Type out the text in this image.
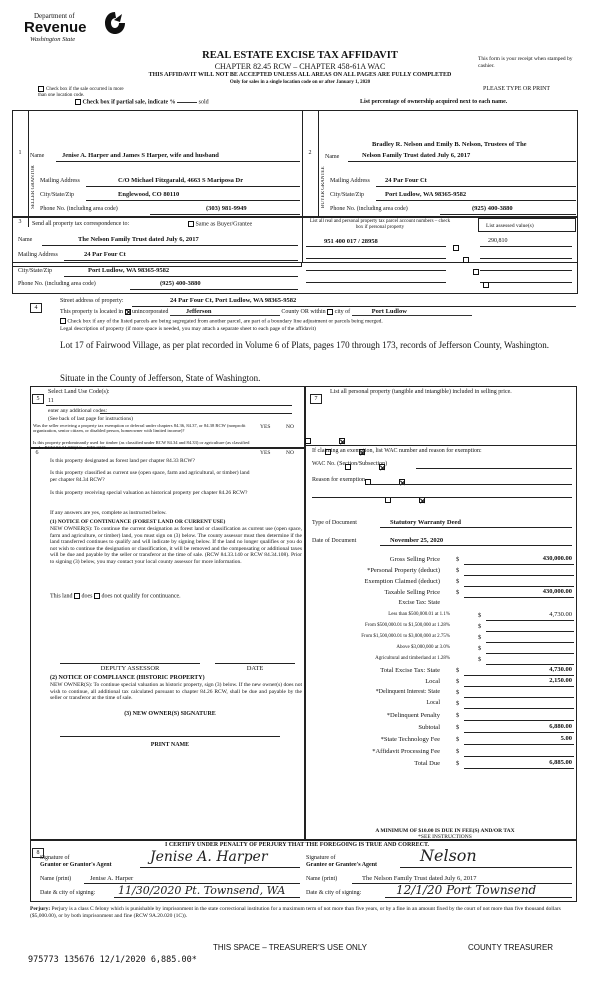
Department of
Revenue
Washington State
REAL ESTATE EXCISE TAX AFFIDAVIT
CHAPTER 82.45 RCW – CHAPTER 458-61A WAC
THIS AFFIDAVIT WILL NOT BE ACCEPTED UNLESS ALL AREAS ON ALL PAGES ARE FULLY COMPLETED
Only for sales in a single location code on or after January 1, 2020
This form is your receipt when stamped by cashier.
PLEASE TYPE OR PRINT
Check box if the sale occurred in more than one location code.
Check box if partial sale, indicate %	sold	List percentage of ownership acquired next to each name.
1	2
SELLER GRANTOR	BUYER GRANTEE
Name	Jenise A. Harper and James S Harper, wife and husband
Mailing Address	C/O Michael Fitzgarald, 4663 S Mariposa Dr
City/State/Zip	Englewood, CO 80110
Phone No. (including area code)	(303) 981-9949
Bradley R. Nelson and Emily B. Nelson, Trustees of The
Name	Nelson Family Trust dated July 6, 2017
Mailing Address 24 Par Four Ct
City/State/Zip	Port Ludlow, WA 98365-9582
Phone No. (including area code)	(925) 400-3880
3	Send all property tax correspondence to:	Same as Buyer/Grantee
Name	The Nelson Family Trust dated July 6, 2017
Mailing Address	24 Par Four Ct
List all real and personal property tax parcel account numbers – check box if personal property	List assessed value(s)
951 400 017 / 28958	290,810

City/State/Zip	Port Ludlow, WA 98365-9582

Phone No. (including area code)	(925) 400-3880

4
Street address of property:	24 Par Four Ct, Port Ludlow, WA 98365-9582
This property is located in unincorporated	Jefferson	County OR within city of	Port Ludlow
Check box if any of the listed parcels are being segregated from another parcel, are part of a boundary line adjustment or parcels being merged.
Legal description of property (if more space is needed, you may attach a separate sheet to each page of the affidavit)
Lot 17 of Fairwood Village, as per plat recorded in Volume 6 of Plats, pages 170 through 173, records of Jefferson County, Washington.
Situate in the County of Jefferson, State of Washington.
5
Select Land Use Code(s):
11
enter any additional codes:
(See back of last page for instructions)
YES	NO
Was the seller receiving a property tax exemption or deferral under chapters 84.36, 84.37, or 84.38 RCW (nonprofit organization, senior citizen, or disabled person, homeowner with limited income)?

Is this property predominantly used for timber (as classified under RCW 84.34 and 84.33) or agriculture (as classified under RCW 84.34.020)? See ETA 3215

6	YES	NO
Is this property designated as forest land per chapter 84.33 RCW?

Is this property classified as current use (open space, farm and agricultural, or timber) land per chapter 84.34 RCW?

Is this property receiving special valuation as historical property per chapter 84.26 RCW?

If any answers are yes, complete as instructed below.
(1) NOTICE OF CONTINUANCE (FOREST LAND OR CURRENT USE)
NEW OWNER(S): To continue the current designation as forest land or classification as current use (open space, farm and agriculture, or timber) land, you must sign on (3) below. The county assessor must then determine if the land transferred continues to qualify and will indicate by signing below. If the land no longer qualifies or you do not wish to continue the designation or classification, it will be removed and the compensating or additional taxes will be due and payable by the seller or transferor at the time of sale. (RCW 84.33.140 or RCW 84.34.108). Prior to signing (3) below, you may contact your local county assessor for more information.
This land does does not qualify for continuance.
DEPUTY ASSESSOR	DATE
(2) NOTICE OF COMPLIANCE (HISTORIC PROPERTY)
NEW OWNER(S): To continue special valuation as historic property, sign (3) below. If the new owner(s) does not wish to continue, all additional tax calculated pursuant to chapter 84.26 RCW, shall be due and payable by the seller or transferor at the time of sale.
(3) NEW OWNER(S) SIGNATURE
PRINT NAME
7
List all personal property (tangible and intangible) included in selling price.
If claiming an exemption, list WAC number and reason for exemption:
WAC No. (Section/Subsection)
Reason for exemption
Type of Document	Statutory Warranty Deed
Date of Document	November 25, 2020
Gross Selling Price $	430,000.00
*Personal Property (deduct) $
Exemption Claimed (deduct) $
Taxable Selling Price $	430,000.00
Excise Tax: State
Less than $500,000.01 at 1.1%	$	4,730.00
From $500,000.01 to $1,500,000 at 1.28%	$
From $1,500,000.01 to $3,000,000 at 2.75%	$
Above $3,000,000 at 3.0%	$
Agricultural and timberland at 1.28%	$
Total Excise Tax: State $	4,730.00
Local $	2,150.00
*Delinquent Interest: State $
Local $
*Delinquent Penalty $
Subtotal $	6,880.00
*State Technology Fee $	5.00
*Affidavit Processing Fee $
Total Due $	6,885.00
A MINIMUM OF $10.00 IS DUE IN FEE(S) AND/OR TAX
*SEE INSTRUCTIONS
8
I CERTIFY UNDER PENALTY OF PERJURY THAT THE FOREGOING IS TRUE AND CORRECT.
Signature of
Grantor or Grantor's Agent	Jenise A. Harper
Name (print)	Jenise A. Harper
Date & city of signing: 11/30/2020 Pt. Townsend, WA
Signature of
Grantee or Grantee's Agent	Nelson
Name (print)	The Nelson Family Trust dated July 6, 2017
Date & city of signing:	12/1/20 Port Townsend
Perjury: Perjury is a class C felony which is punishable by imprisonment in the state correctional institution for a maximum term of not more than five years, or by a fine in an amount fixed by the court of not more than five thousand dollars ($5,000.00), or by both imprisonment and fine (RCW 9A.20.020 (1C)).
THIS SPACE – TREASURER'S USE ONLY	COUNTY TREASURER
975773 135676 12/1/2020 6,885.00*
